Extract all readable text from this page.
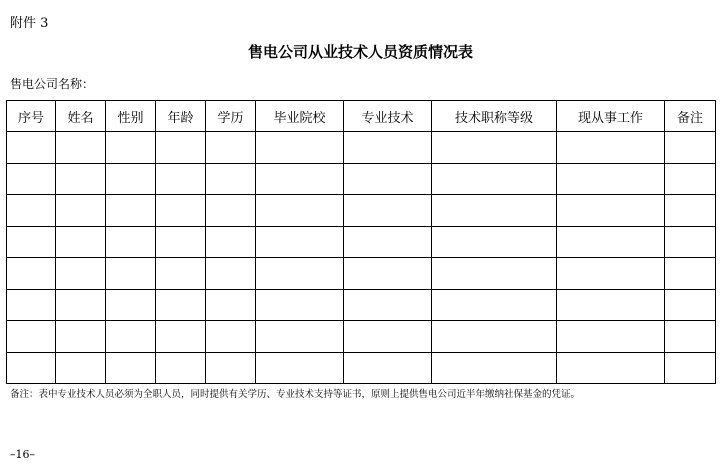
附件 3
售电公司从业技术人员资质情况表
售电公司名称：
序号	姓名	性别	年龄	学历	毕业院校	专业技术	技术职称等级	现从事工作	备注

备注：表中专业技术人员必须为全职人员，同时提供有关学历、专业技术支持等证书，原则上提供售电公司近半年缴纳社保基金的凭证。
–16–
